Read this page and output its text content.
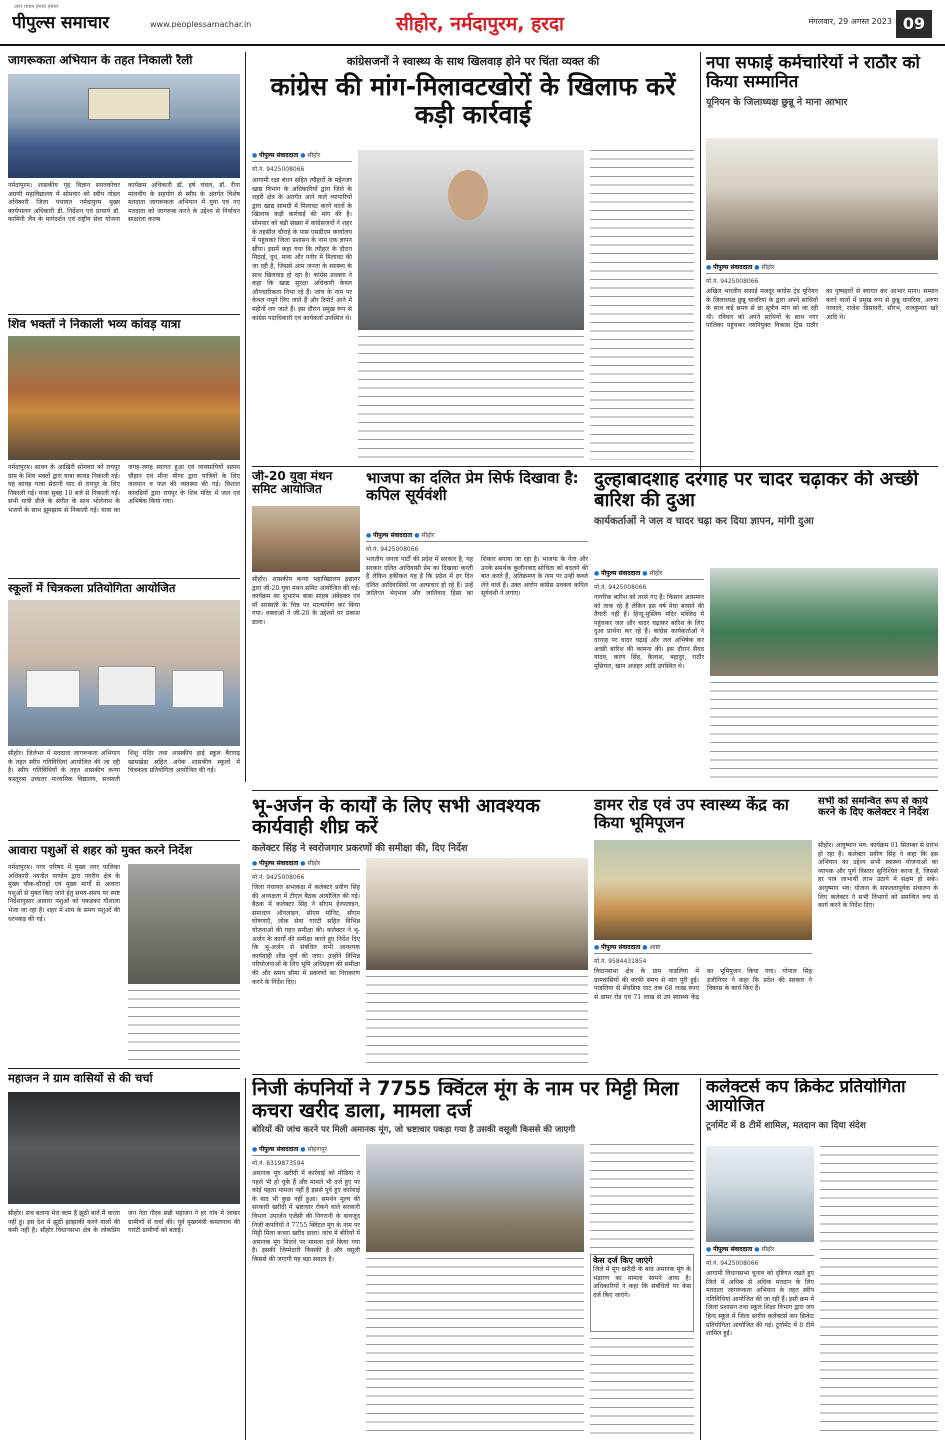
पीपुल्स समाचार
आप शासन हमारा हमारा
www.peoplessamachar.in	सीहोर, नर्मदापुरम, हरदा	मंगलवार, 29 अगस्त 2023 09
जागरूकता अभियान के तहत निकाली रैली
नर्मदापुरम। शासकीय गृह विज्ञान स्नातकोत्तर अग्रणी महाविद्यालय में सोमवार को स्वीप नोडल अधिकारी जिला पंचायत नर्मदापुरम मुख्य कार्यपालन अधिकारी डी. निर्देशन एवं प्राचार्य डॉ. कामिनी जैन के मार्गदर्शन एवं राष्ट्रीय सेवा योजना कार्यक्रम अधिकारी डॉ. हर्ष चंचल, डॉ. रीना मालवीय के सहयोग से स्वीप के अंतर्गत विशेष मतदाता जागरूकता अभियान में युवा एवं नए मतदाता को जागरूक करने के उद्देश्य से निर्वाचन साक्षरता कलब
शिव भक्तों ने निकाली भव्य कांवड़ यात्रा
नर्मदापुरम। सावन के आखिरी सोमवार को रायपुर ग्राम के शिव भक्तों द्वारा यात्रा कावड़ निकाली गई। यह कांवड़ यात्रा सेठानी घाट से रायपुर के लिए निकाली गई। यात्रा सुबह 10 बजे से निकाली गई। सभी यात्री डीजे के संगीत के साथ भोलेनाथ के भजनों के साथ झूमझाम से निकाली गई। यात्रा का जगह-जगह स्वागत हुआ एवं व्यवसायियों सत्पथ चौहान एवं मीना मीणा द्वारा यात्रियों के लिए जलपान व फल की व्यवस्था की गई। विशाल कावड़ियों द्वारा रायपुर के शिव मंदिर में जल एवं अभिषेक किया गया।
स्कूलों में चित्रकला प्रतियोगिता आयोजित
सीहोर। जिलेभर में मतदाता जागरूकता अभियान के तहत स्वीप गतिविधियां आयोजित की जा रही है। स्वीप गतिविधियों के तहत शासकीय कन्या कस्तूरबा उच्चतर माध्यमिक विद्यालय, सरस्वती शिशु मंदिर तथा शासकीय हाई स्कूल बैरागढ़ खामखेड़ा सहित अनेक शासकीय स्कूलों में चित्रकला प्रतियोगिता आयोजित की गई।
आवारा पशुओं से शहर को मुक्त करने निर्देश
नर्मदापुरम। नगर परिषद में मुख्य नगर पालिका अधिकारी नवनीत पाण्डेय द्वारा नगरीय क्षेत्र के मुख्य चौक-चौराहों एवं मुख्य मार्गों से आवारा पशुओं से मुक्त किए जाने हेतु समय-समय पर स्पष्ट निर्देशानुसार आवारा पशुओं को पकड़कर गौशाला भेजा जा रहा है। शहर में शाम के समय पशुओं की धरपकड़ की गई।
महाजन ने ग्राम वासियों से की चर्चा
सीहोर। सच बताना मेरा काम है झूठी बातें मैं करता नहीं हूं। इस देश में झूठी झांझाकी करने वालों की कमी नहीं है। सीहोर विधानसभा क्षेत्र के लोकप्रिय जन नेता गौरव सन्नी महाजन ने हर गांव में जाकर ग्रामीणों से चर्चा की। पूर्व मुख्यमंत्री कमलनाथ की गारंटी ग्रामीणों को बताई।
कांग्रेसजनों ने स्वास्थ्य के साथ खिलवाड़ होने पर चिंता व्यक्त की
कांग्रेस की मांग-मिलावटखोरों के खिलाफ करें कड़ी कार्रवाई
● पीपुल्स संवाददाता ● सीहोर
मो.नं. 9425008066
आगामी रक्षा बंधन सहित त्यौहारों के मद्देनजर खाद्य विभाग के अधिकारियों द्वारा जिले के शहरी क्षेत्र के अंतर्गत आने वाले व्यापारियों द्वारा खाद्य सामग्री में मिलावट करने वालों के खिलाफ कड़ी कार्रवाई की मांग की है। सोमवार को बड़ी संख्या में कांग्रेसजनों ने शहर के तहसील चौराहे के पास एसडीएम कार्यालय में पहुंचकर जिला प्रशासन के नाम एक ज्ञापन सौंपा। इसमें कहा गया कि त्यौहार के दौरान मिठाई, दूध, मावा और पनीर में मिलावट की जा रही है, जिससे आम जनता के स्वास्थ्य के साथ खिलवाड़ हो रहा है। कांग्रेस प्रवक्ता ने कहा कि खाद्य सुरक्षा अधिकारी केवल औपचारिकता निभा रहे हैं। जांच के नाम पर केवल नमूने लिए जाते हैं और रिपोर्ट आने में महीनों लग जाते हैं। इस दौरान प्रमुख रूप से कांग्रेस पदाधिकारी एवं कार्यकर्ता उपस्थित थे।
नपा सफाई कर्मचारियों ने राठौर को किया सम्मानित
यूनियन के जिलाध्यक्ष छुन्नू ने माना आभार
● पीपुल्स संवाददाता ● सीहोर
मो.नं. 9425008066
अखिल भारतीय सफाई मजदूर कांग्रेस ट्रेड यूनियन के जिलाध्यक्ष छुन्नू चावरिया के द्वारा अपने साथियों के साथ कई समय से छः सूत्रीय मांग को जा रही थी। रविवार को अपने साथियों के साथ नगर पालिका पहुंचकर नवनियुक्त विकास ट्रिंस राठौर का पुष्पहारों से स्वागत कर आभार माना। सम्मान करने वालों में प्रमुख रूप से छुन्नू चावरिया, अरुण नरवाले, राजेश डिसावरी, सौरभ, राजकुमार खरे आदि थे।
जी-20 युवा मंथन समिट आयोजित
सीहोर। शासकीय कन्या महाविद्यालय इछावर द्वारा जी-20 युवा मंथन समिट आयोजित की गई। कार्यक्रम का शुभारंभ बाबा साहब अंबेडकर एवं माँ सरस्वती के चित्र पर माल्यार्पण कर किया गया। वक्ताओं ने जी-20 के उद्देश्यों पर प्रकाश डाला।
भाजपा का दलित प्रेम सिर्फ दिखावा है: कपिल सूर्यवंशी
● पीपुल्स संवाददाता ● सीहोर
मो.नं. 9425008066
भारतीय जनता पार्टी की प्रदेश में सरकार है, यह सरकार दलित आदिवासी प्रेम का दिखावा करती है लेकिन हकीकत यह है कि प्रदेश में हर दिन दलित आदिवासियों पर अत्याचार हो रहे हैं। उन्हें जातिगत भेदभाव और जातिवाद हिंसा का शिकार बनाया जा रहा है। भाजपा के नेता और उनके समर्थक कुलीनवाद सोचिता को बदलने की बात करते हैं, अतिक्रमण के नाम पर उन्हीं कब्जे लेने वाले हैं। उक्त आरोप कांग्रेस प्रवक्ता कपिल सूर्यवंशी ने लगाए।
दुल्हाबादशाह दरगाह पर चादर चढ़ाकर की अच्छी बारिश की दुआ
कार्यकर्ताओं ने जल व चादर चढ़ा कर दिया ज्ञापन, मांगी दुआ
● पीपुल्स संवाददाता ● सीहोर
मो.नं. 9425008066
नागरिक बारिश को तरसे गए हैं। किसान आसमान को ताक रहे हैं लेकिन इस वर्ष मेघा बरसने की तैयारी नहीं हैं। हिन्दू-मुस्लिम मंदिर मस्जिद में पहुंचकर जल और चादर चढ़ाकर बारिश के लिए दुआ प्रार्थना कर रहे हैं। कांग्रेस कार्यकर्ताओं ने दरगाह पर चादर चढ़ाई और जल अभिषेक कर अच्छी बारिश की कामना की। इस दौरान सैयद यादव, करण सिंह, कैलाश, बहादुर, राठौर मुछियार, खान अजहर आदि उपस्थित थे।
भू-अर्जन के कार्यों के लिए सभी आवश्यक कार्यवाही शीघ्र करें
कलेक्टर सिंह ने स्वरोजगार प्रकरणों की समीक्षा की, दिए निर्देश
● पीपुल्स संवाददाता ● सीहोर
मो.नं. 9425008066
जिला पंचायत सभाकक्ष में कलेक्टर प्रवीण सिंह की अध्यक्षता में टीएल बैठक आयोजित की गई। बैठक में कलेक्टर सिंह ने सीएम हेल्पलाइन, समाधान ऑनलाइन, सीएम मॉनिट, सीएम घोषणाएँ, लोक सेवा गारंटी सहित विभिन्न योजनाओं की गहन समीक्षा की। कलेक्टर ने भू-अर्जन के कार्यों की समीक्षा करते हुए निर्देश दिए कि भू-अर्जन से संबंधित सभी आवश्यक कार्यवाही शीघ्र पूर्ण की जाए। उन्होंने विभिन्न परियोजनाओं के लिए भूमि अधिग्रहण की समीक्षा की और समय सीमा में प्रकरणों का निराकरण करने के निर्देश दिए।
डामर रोड एवं उप स्वास्थ्य केंद्र का किया भूमिपूजन
● पीपुल्स संवाददाता ● आष्टा
मो.नं. 9584431854
विधानसभा क्षेत्र के ग्राम पाडलिया में ग्रामवासियों की काफी समय से मांग पूरी हुई। पाडलिया से सेंधडिया घाट तक 68 लाख रुपए से डामर रोड एवं 71 लाख से उप स्वास्थ्य केंद्र का भूमिपूजन किया गया। गोपाल सिंह इंजीनियर ने कहा कि प्रदेश की सरकार ने विकास के कार्य किए हैं।
सभी को समन्वित रूप से कार्य करने के दिए कलेक्टर ने निर्देश
सीहोर। आयुष्मान भव: कार्यक्रम 01 सितम्बर से प्रारंभ हो रहा है। कलेक्टर प्रवीण सिंह ने कहा कि इस अभियान का उद्देश्य सभी स्वास्थ्य योजनाओं का व्यापक और पूर्ण विस्तार सुनिश्चित करना है, जिससे हर पात्र लाभार्थी लाभ उठाने में सक्षम हो सके। आयुष्मान भव: योजना के सफलतापूर्वक संचालन के लिए कलेक्टर ने सभी विभागों को समन्वित रूप से कार्य करने के निर्देश दिए।
निजी कंपनियों ने 7755 क्विंटल मूंग के नाम पर मिट्टी मिला कचरा खरीद डाला, मामला दर्ज
बोरियों की जांच करने पर मिली अमानक मूंग, जो भ्रष्टाचार पकड़ा गया है उसकी वसूली किससे की जाएगी
● पीपुल्स संवाददाता ● सोहागपुर
मो.नं. 8319873594
अमानक मूंग खरीदी में कार्रवाई को मीडिया ने पहले भी हो चुके हैं और मामले भी दर्ज हुए पर कोई पहला मामला नहीं है इससे पूर्व हुए कार्रवाई के बाद भी कुछ नहीं हुआ। समर्थन मूल्य की सरकारी खरीदी में भ्रष्टाचार रोकने वाले सरकारी विभाग उपार्जन एजेंसी की निगरानी के बावजूद निजी कंपनियों ने 7755 क्विंटल मूंग के नाम पर मिट्टी मिला कचरा खरीद डाला। जांच में बोरियों में अमानक मूंग मिलने पर मामला दर्ज किया गया है। इसकी जिम्मेदारी किसकी है और वसूली किससे की जाएगी यह बड़ा सवाल है।	केस दर्ज किए जाएंगे
जिले में मूंग खरीदी के बाद अमानक मूंग के भंडारण का मामला सामने आया है। अधिकारियों ने कहा कि संबंधितों पर केस दर्ज किए जाएंगे।
कलेक्टर्स कप क्रिकेट प्रतियोगिता आयोजित
टूर्नामेंट में 8 टीमें शामिल, मतदान का दिया संदेश
● पीपुल्स संवाददाता ● सीहोर
मो.नं. 9425008066
आगामी विधानसभा चुनाव को दृष्टिगत रखते हुए जिले में अधिक से अधिक मतदान के लिए मतदाता जागरूकता अभियान के तहत स्वीप गतिविधियां आयोजित की जा रही हैं। इसी क्रम में जिला प्रशासन तथा स्कूल शिक्षा विभाग द्वारा जय हिन्द स्कूल में जिला स्तरीय कलेक्टर्स कप क्रिकेट प्रतियोगिता आयोजित की गई। टूर्नामेंट में 8 टीमें शामिल हुईं।
